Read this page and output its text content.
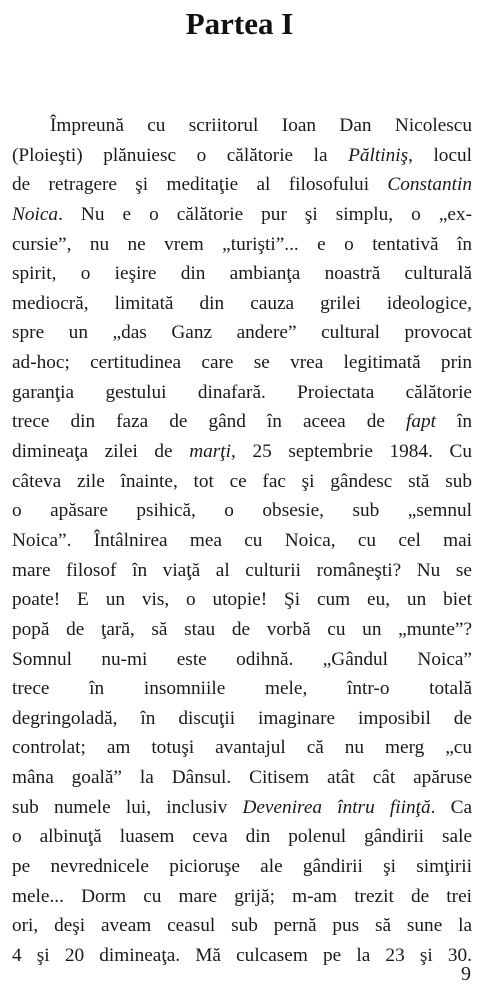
Partea I
Împreună cu scriitorul Ioan Dan Nicolescu
(Ploieşti) plănuiesc o călătorie la Păltiniş, locul
de retragere şi meditaţie al filosofului Constantin
Noica. Nu e o călătorie pur şi simplu, o „ex-
cursie”, nu ne vrem „turişti”... e o tentativă în
spirit, o ieşire din ambianţa noastră culturală
mediocră, limitată din cauza grilei ideologice,
spre un „das Ganz andere” cultural provocat
ad-hoc; certitudinea care se vrea legitimată prin
garanţia gestului dinafară. Proiectata călătorie
trece din faza de gând în aceea de fapt în
dimineaţa zilei de marţi, 25 septembrie 1984. Cu
câteva zile înainte, tot ce fac şi gândesc stă sub
o apăsare psihică, o obsesie, sub „semnul
Noica”. Întâlnirea mea cu Noica, cu cel mai
mare filosof în viaţă al culturii româneşti? Nu se
poate! E un vis, o utopie! Şi cum eu, un biet
popă de ţară, să stau de vorbă cu un „munte”?
Somnul nu-mi este odihnă. „Gândul Noica”
trece în insomniile mele, într-o totală
degringoladă, în discuţii imaginare imposibil de
controlat; am totuşi avantajul că nu merg „cu
mâna goală” la Dânsul. Citisem atât cât apăruse
sub numele lui, inclusiv Devenirea întru fiinţă. Ca
o albinuţă luasem ceva din polenul gândirii sale
pe nevrednicele picioruşe ale gândirii şi simţirii
mele... Dorm cu mare grijă; m-am trezit de trei
ori, deşi aveam ceasul sub pernă pus să sune la
4 şi 20 dimineaţa. Mă culcasem pe la 23 şi 30.
9
